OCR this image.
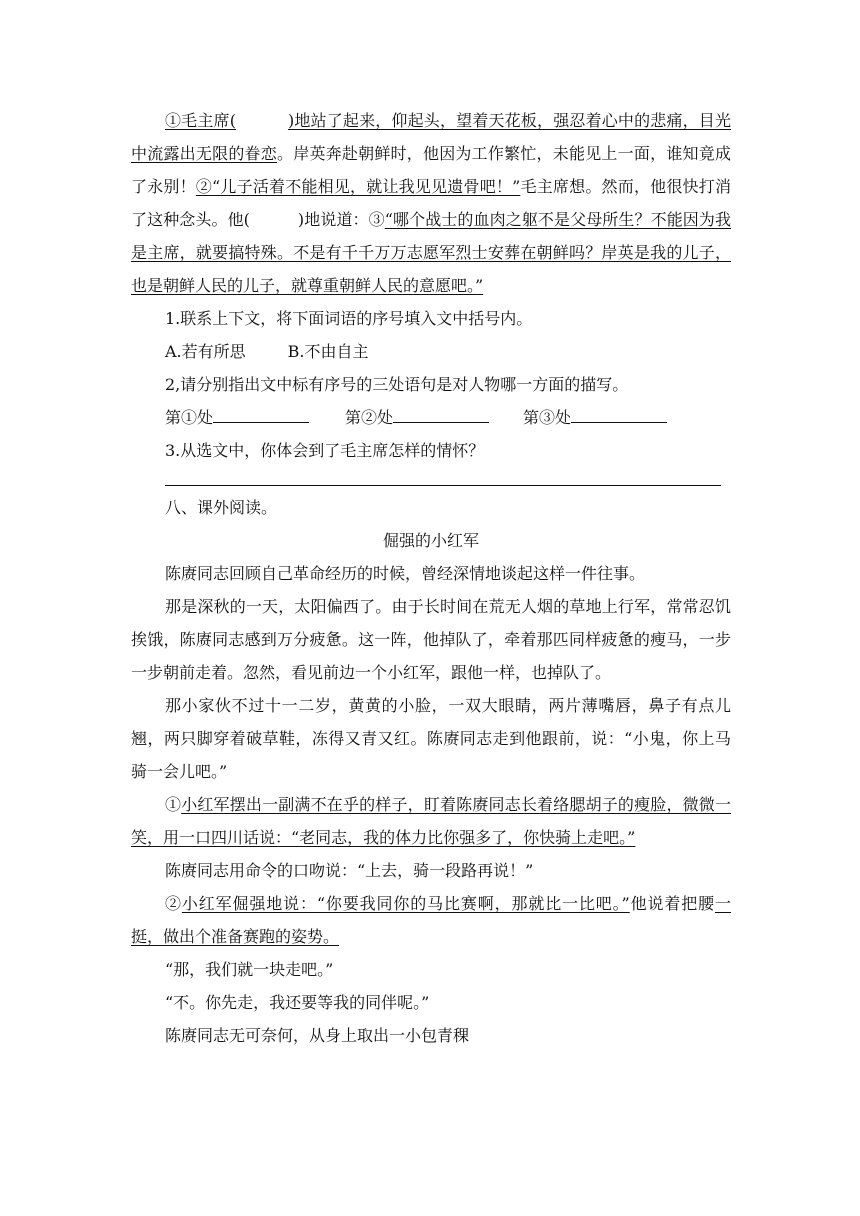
①毛主席(	)地站了起来，仰起头，望着天花板，强忍着心中的悲痛，目光中流露出无限的眷恋。岸英奔赴朝鲜时，他因为工作繁忙，未能见上一面，谁知竟成了永别！②“儿子活着不能相见，就让我见见遗骨吧！”毛主席想。然而，他很快打消了这种念头。他(	)地说道：③“哪个战士的血肉之躯不是父母所生？不能因为我是主席，就要搞特殊。不是有千千万万志愿军烈士安葬在朝鲜吗？岸英是我的儿子，也是朝鲜人民的儿子，就尊重朝鲜人民的意愿吧。”

1.联系上下文，将下面词语的序号填入文中括号内。

A.若有所思	B.不由自主

2,请分别指出文中标有序号的三处语句是对人物哪一方面的描写。

第①处	第②处	第③处

3.从选文中，你体会到了毛主席怎样的情怀？

八、课外阅读。

倔强的小红军

陈赓同志回顾自己革命经历的时候，曾经深情地谈起这样一件往事。

那是深秋的一天，太阳偏西了。由于长时间在荒无人烟的草地上行军，常常忍饥挨饿，陈赓同志感到万分疲惫。这一阵，他掉队了，牵着那匹同样疲惫的瘦马，一步一步朝前走着。忽然，看见前边一个小红军，跟他一样，也掉队了。

那小家伙不过十一二岁，黄黄的小脸，一双大眼睛，两片薄嘴唇，鼻子有点儿翘，两只脚穿着破草鞋，冻得又青又红。陈赓同志走到他跟前，说：“小鬼，你上马骑一会儿吧。”

①小红军摆出一副满不在乎的样子，盯着陈赓同志长着络腮胡子的瘦脸，微微一笑，用一口四川话说：“老同志，我的体力比你强多了，你快骑上走吧。”

陈赓同志用命令的口吻说：“上去，骑一段路再说！”

②小红军倔强地说：“你要我同你的马比赛啊，那就比一比吧。”他说着把腰一挺，做出个准备赛跑的姿势。

“那，我们就一块走吧。”

“不。你先走，我还要等我的同伴呢。”

陈赓同志无可奈何，从身上取出一小包青稞
